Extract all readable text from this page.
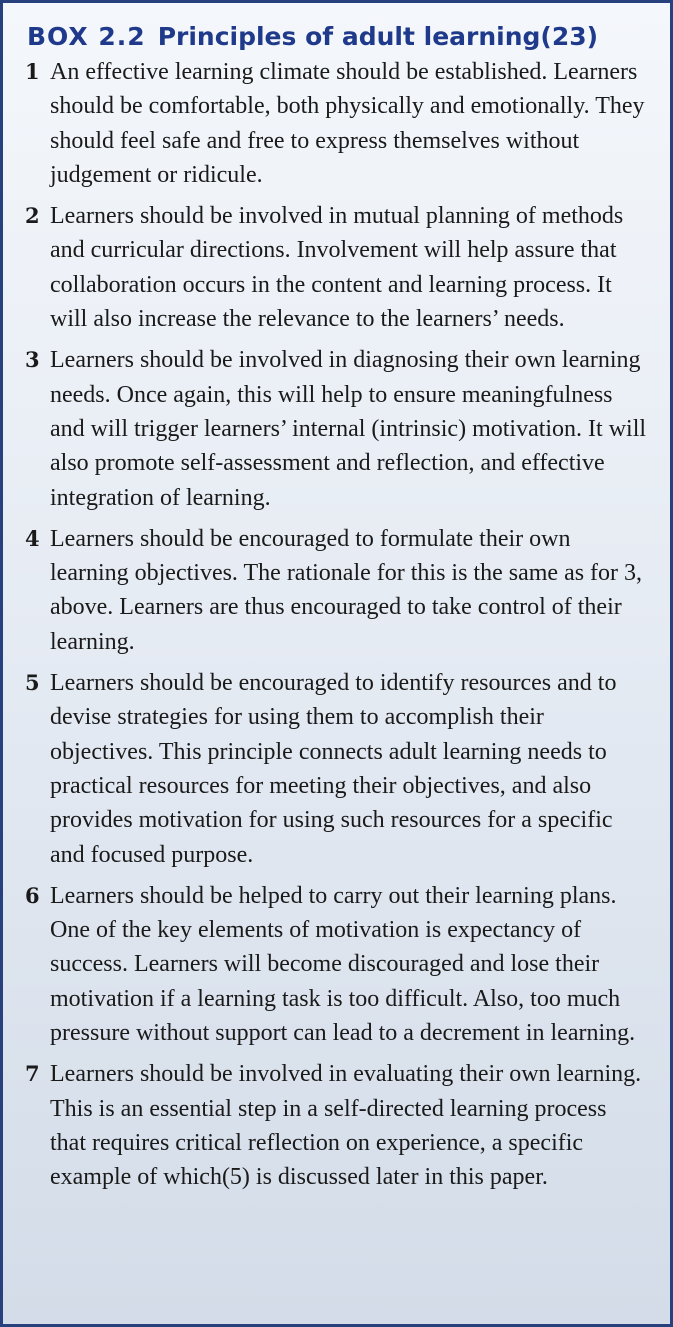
BOX 2.2 Principles of adult learning(23)
1 An effective learning climate should be established. Learners should be comfortable, both physically and emotionally. They should feel safe and free to express themselves without judgement or ridicule.
2 Learners should be involved in mutual planning of methods and curricular directions. Involvement will help assure that collaboration occurs in the content and learning process. It will also increase the relevance to the learners’ needs.
3 Learners should be involved in diagnosing their own learning needs. Once again, this will help to ensure meaningfulness and will trigger learners’ internal (intrinsic) motivation. It will also promote self-assessment and reflection, and effective integration of learning.
4 Learners should be encouraged to formulate their own learning objectives. The rationale for this is the same as for 3, above. Learners are thus encouraged to take control of their learning.
5 Learners should be encouraged to identify resources and to devise strategies for using them to accomplish their objectives. This principle connects adult learning needs to practical resources for meeting their objectives, and also provides motivation for using such resources for a specific and focused purpose.
6 Learners should be helped to carry out their learning plans. One of the key elements of motivation is expectancy of success. Learners will become discouraged and lose their motivation if a learning task is too difficult. Also, too much pressure without support can lead to a decrement in learning.
7 Learners should be involved in evaluating their own learning. This is an essential step in a self-directed learning process that requires critical reflection on experience, a specific example of which(5) is discussed later in this paper.
